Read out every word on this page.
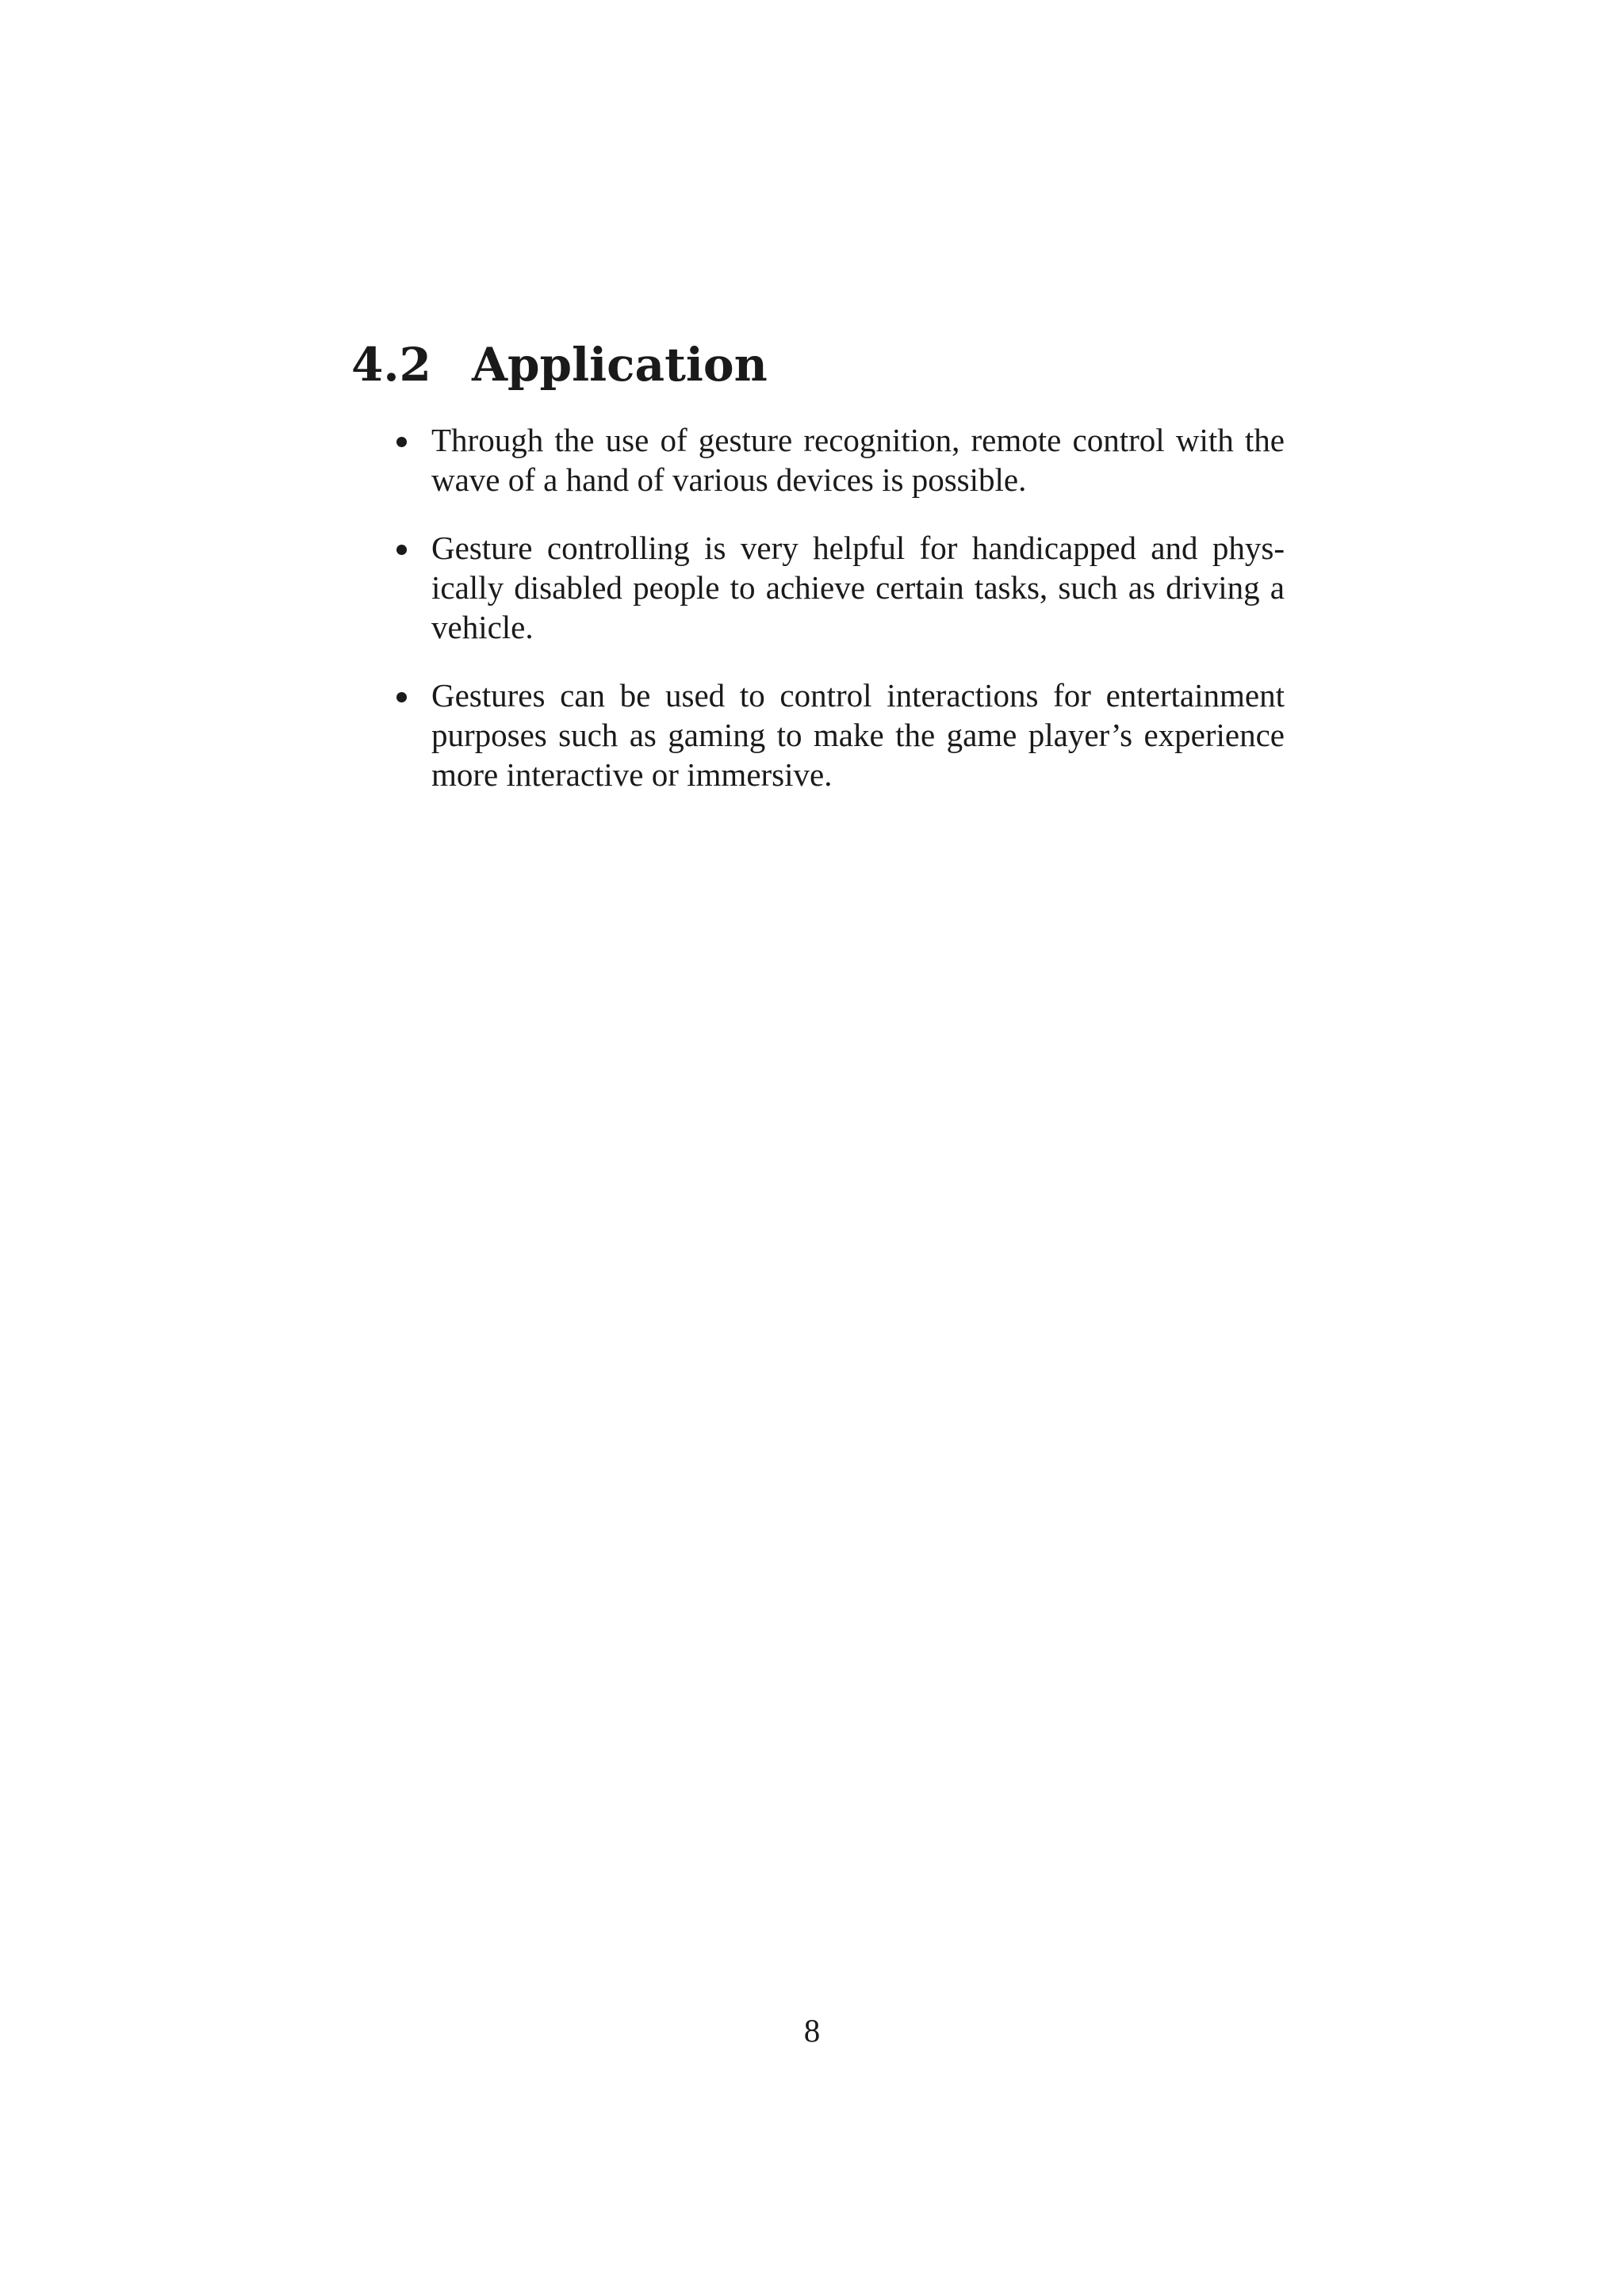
4.2 Application
Through the use of gesture recognition, remote control with the wave of a hand of various devices is possible.
Gesture controlling is very helpful for handicapped and physically disabled people to achieve certain tasks, such as driving a vehicle.
Gestures can be used to control interactions for entertainment purposes such as gaming to make the game player’s experience more interactive or immersive.
8
